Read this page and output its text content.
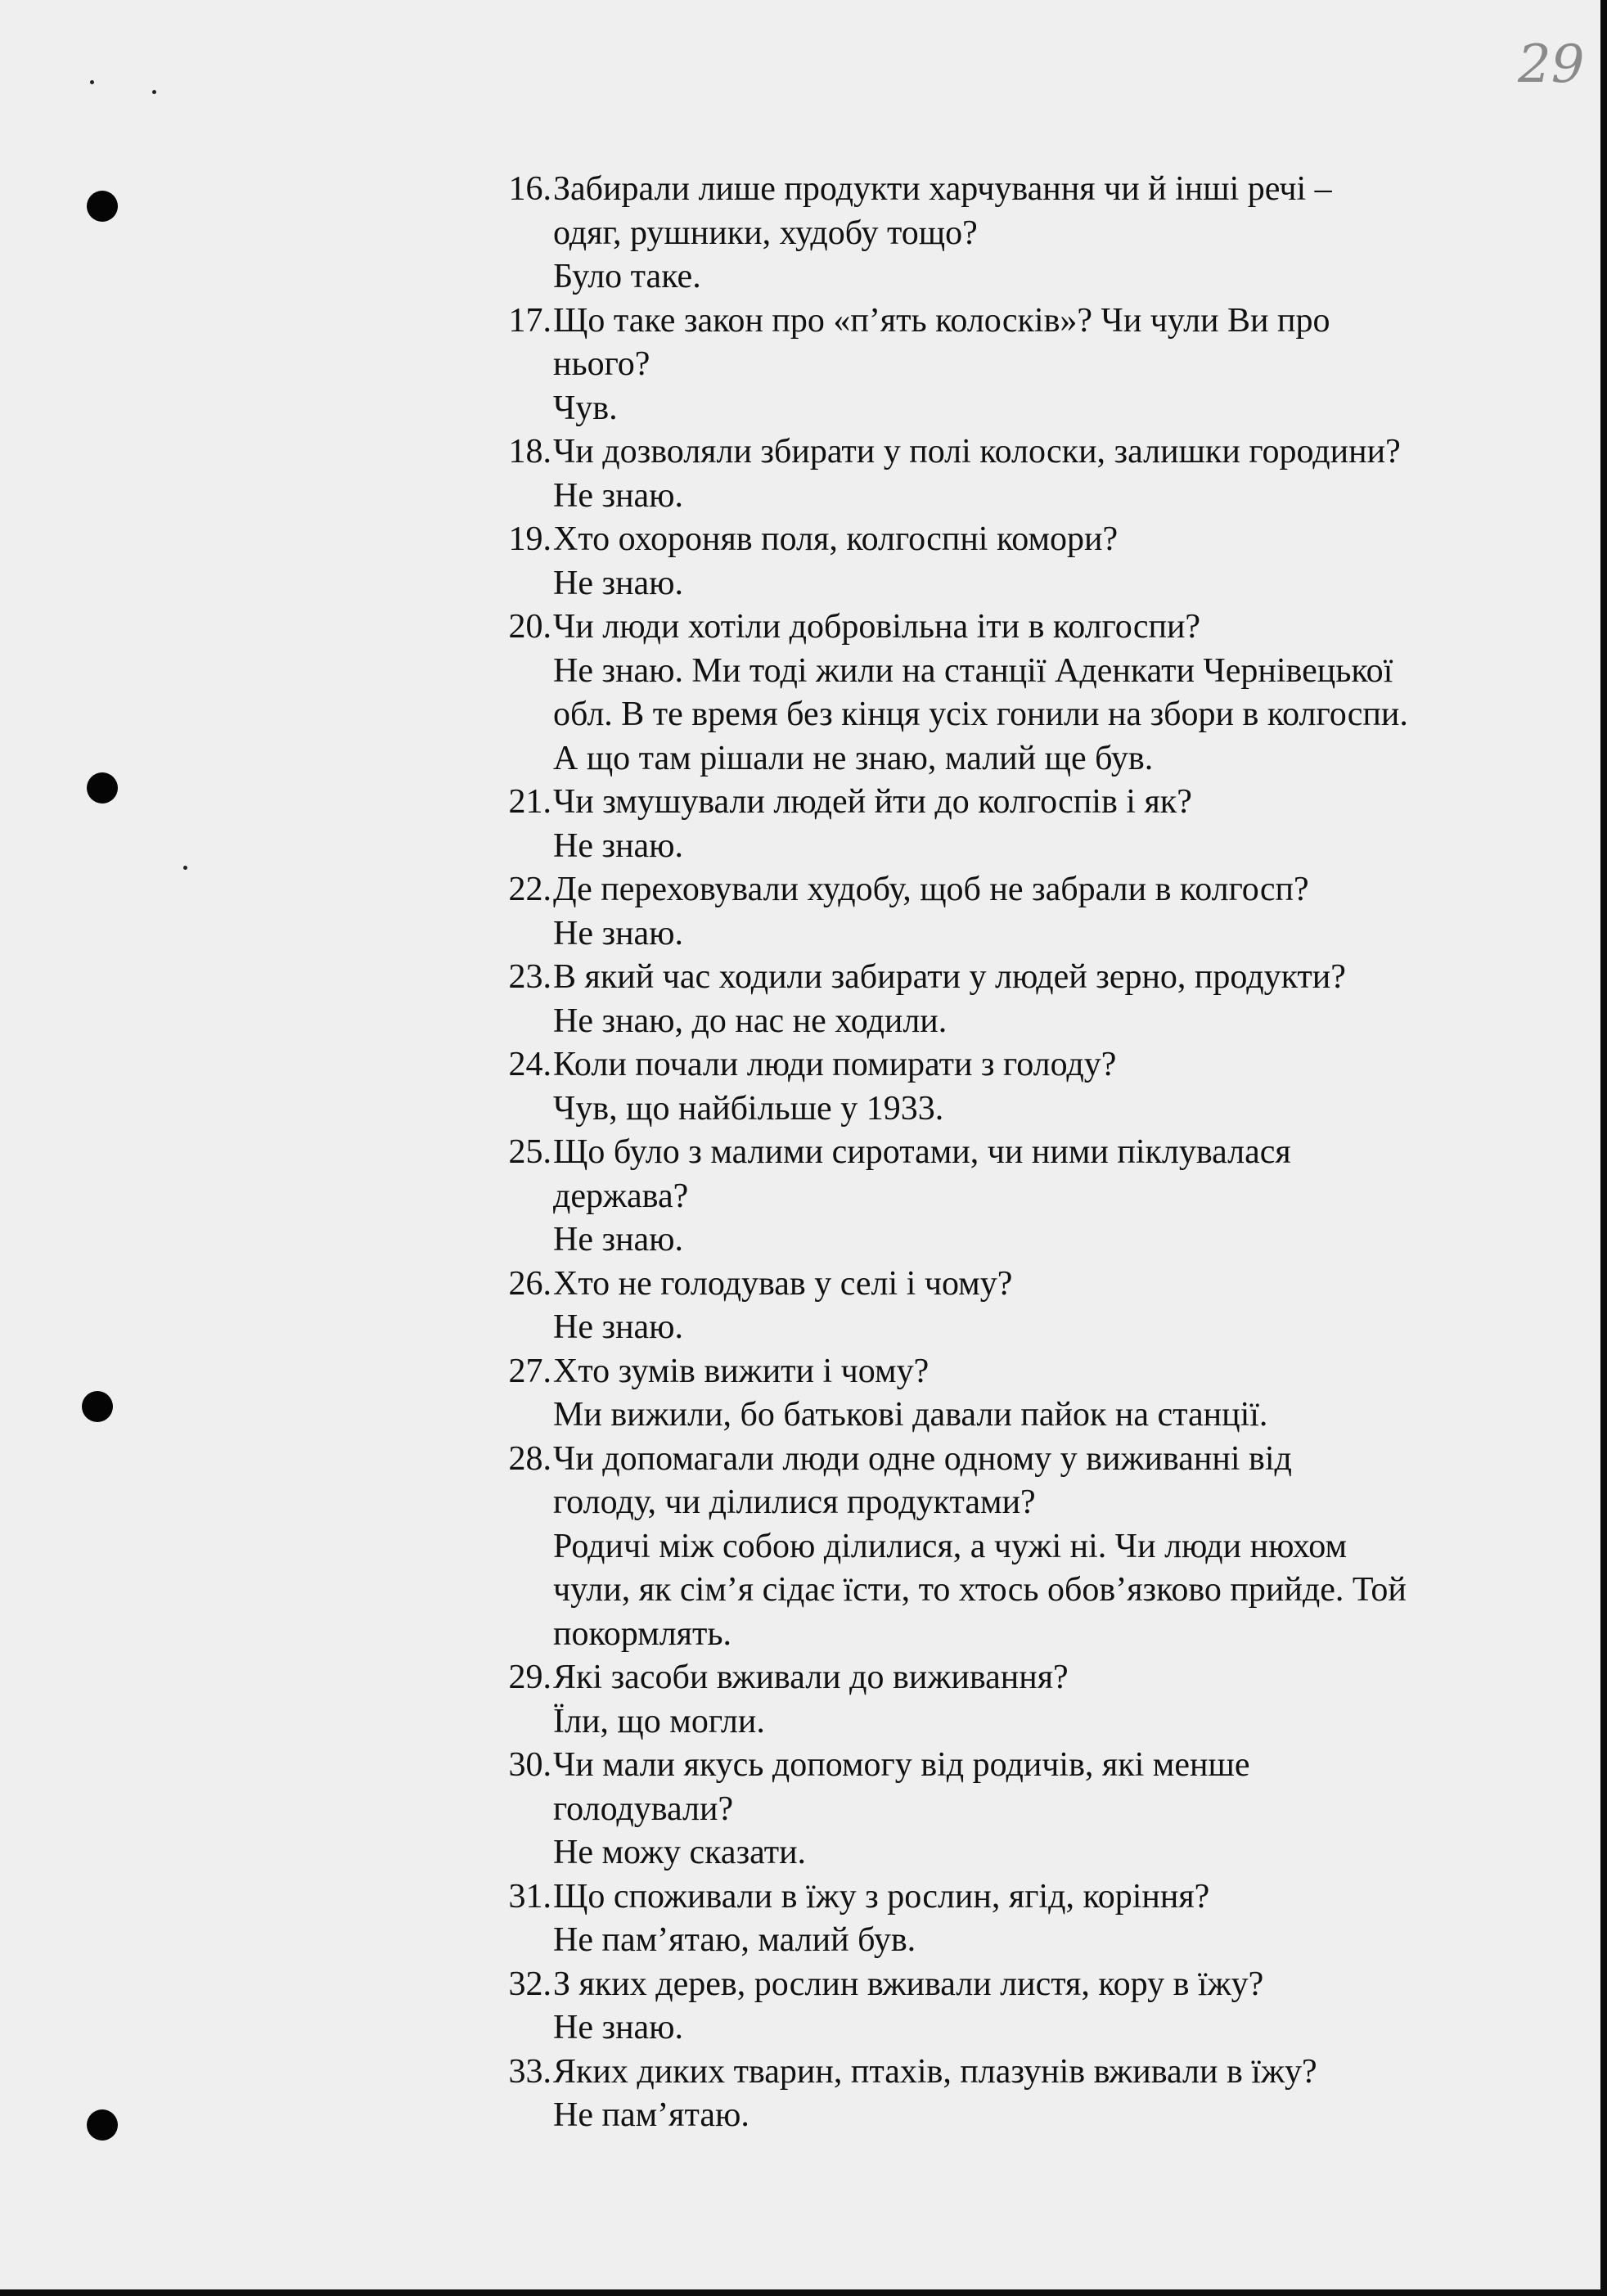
29
16. Забирали лише продукти харчування чи й інші речі –
одяг, рушники, худобу тощо?
Було таке.
17. Що таке закон про «п’ять колосків»? Чи чули Ви про
нього?
Чув.
18. Чи дозволяли збирати у полі колоски, залишки городини?
Не знаю.
19. Хто охороняв поля, колгоспні комори?
Не знаю.
20. Чи люди хотіли добровільна іти в колгоспи?
Не знаю. Ми тоді жили на станції Аденкати Чернівецької
обл. В те время без кінця усіх гонили на збори в колгоспи.
А що там рішали не знаю, малий ще був.
21. Чи змушували людей йти до колгоспів і як?
Не знаю.
22. Де переховували худобу, щоб не забрали в колгосп?
Не знаю.
23. В який час ходили забирати у людей зерно, продукти?
Не знаю, до нас не ходили.
24. Коли почали люди помирати з голоду?
Чув, що найбільше у 1933.
25. Що було з малими сиротами, чи ними піклувалася
держава?
Не знаю.
26. Хто не голодував у селі і чому?
Не знаю.
27. Хто зумів вижити і чому?
Ми вижили, бо батькові давали пайок на станції.
28. Чи допомагали люди одне одному у виживанні від
голоду, чи ділилися продуктами?
Родичі між собою ділилися, а чужі ні. Чи люди нюхом
чули, як сім’я сідає їсти, то хтось обов’язково прийде. Той
покормлять.
29. Які засоби вживали до виживання?
Їли, що могли.
30. Чи мали якусь допомогу від родичів, які менше
голодували?
Не можу сказати.
31. Що споживали в їжу з рослин, ягід, коріння?
Не пам’ятаю, малий був.
32. З яких дерев, рослин вживали листя, кору в їжу?
Не знаю.
33. Яких диких тварин, птахів, плазунів вживали в їжу?
Не пам’ятаю.
